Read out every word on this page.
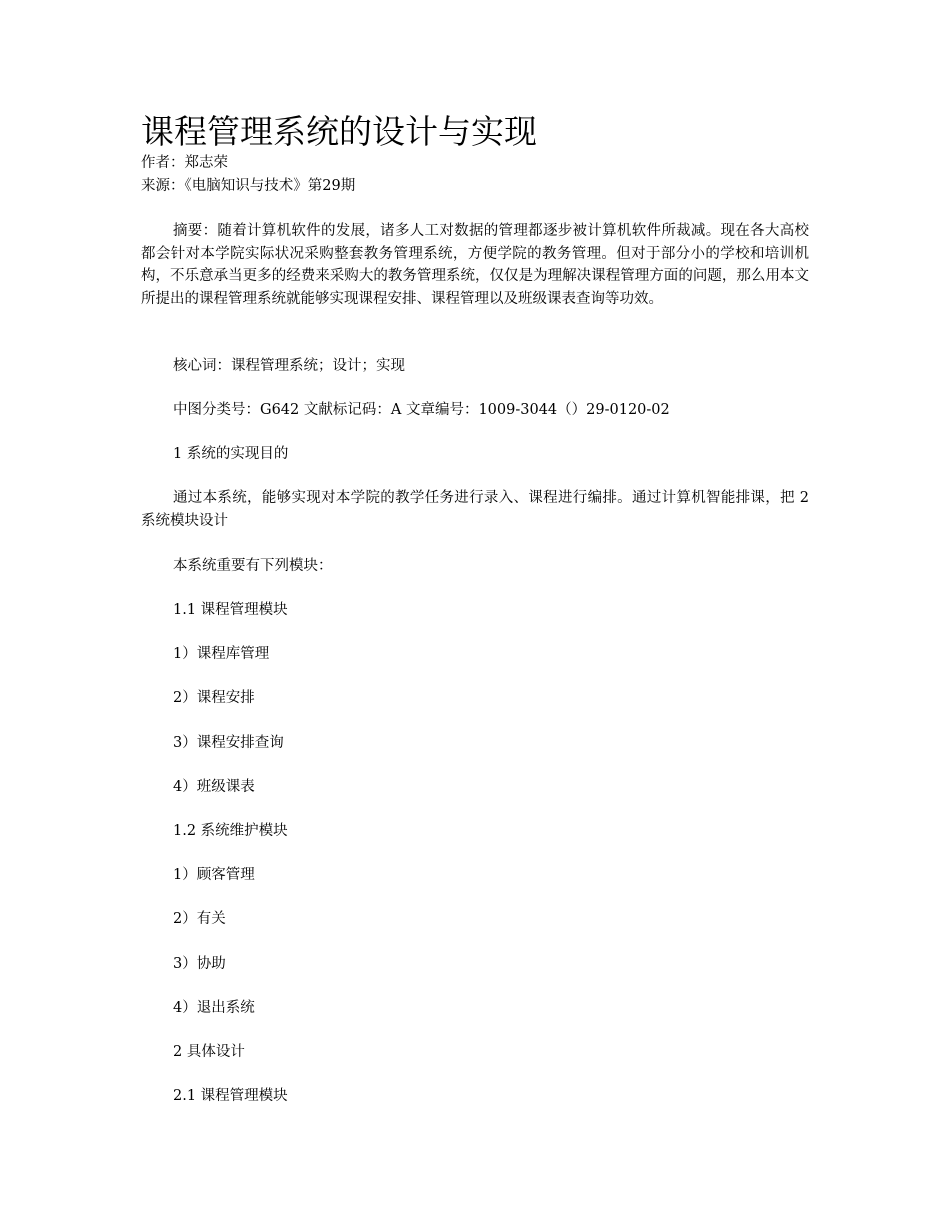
课程管理系统的设计与实现
作者：郑志荣
来源：《电脑知识与技术》第29期

摘要：随着计算机软件的发展，诸多人工对数据的管理都逐步被计算机软件所裁减。现在各大高校都会针对本学院实际状况采购整套教务管理系统，方便学院的教务管理。但对于部分小的学校和培训机构，不乐意承当更多的经费来采购大的教务管理系统，仅仅是为理解决课程管理方面的问题，那么用本文所提出的课程管理系统就能够实现课程安排、课程管理以及班级课表查询等功效。

核心词：课程管理系统；设计；实现

中图分类号：G642 文献标记码：A 文章编号：1009-3044（）29-0120-02

1 系统的实现目的

通过本系统，能够实现对本学院的教学任务进行录入、课程进行编排。通过计算机智能排课，把 2 系统模块设计

本系统重要有下列模块：

1.1 课程管理模块

1）课程库管理

2）课程安排

3）课程安排查询

4）班级课表

1.2 系统维护模块

1）顾客管理

2）有关

3）协助

4）退出系统

2 具体设计

2.1 课程管理模块
